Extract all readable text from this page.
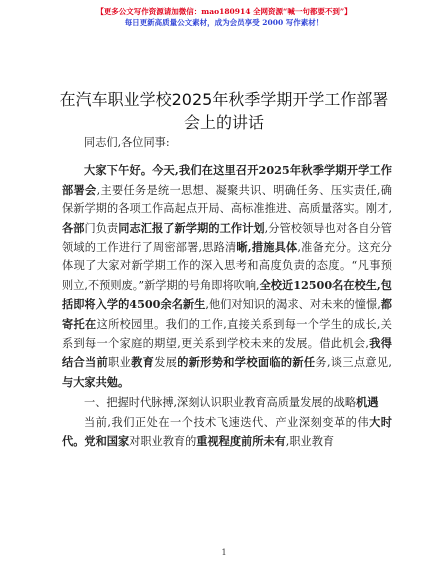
【更多公文写作资源请加微信：mao180914 全网资源“喊一句都要不到”】
每日更新高质量公文素材，成为会员享受 2000 写作素材！
在汽车职业学校2025年秋季学期开学工作部署会上的讲话

同志们,各位同事:

大家下午好。今天,我们在这里召开2025年秋季学期开学工作部署会,主要任务是统一思想、凝聚共识、明确任务、压实责任,确保新学期的各项工作高起点开局、高标准推进、高质量落实。刚才,各部门负责同志汇报了新学期的工作计划,分管校领导也对各自分管领域的工作进行了周密部署,思路清晰,措施具体,准备充分。这充分体现了大家对新学期工作的深入思考和高度负责的态度。“凡事预则立,不预则废。”新学期的号角即将吹响,全校近12500名在校生,包括即将入学的4500余名新生,他们对知识的渴求、对未来的憧憬,都寄托在这所校园里。我们的工作,直接关系到每一个学生的成长,关系到每一个家庭的期望,更关系到学校未来的发展。借此机会,我得结合当前职业教育发展的新形势和学校面临的新任务,谈三点意见,与大家共勉。

一、把握时代脉搏,深刻认识职业教育高质量发展的战略机遇

当前,我们正处在一个技术飞速迭代、产业深刻变革的伟大时代。党和国家对职业教育的重视程度前所未有,职业教育

1
